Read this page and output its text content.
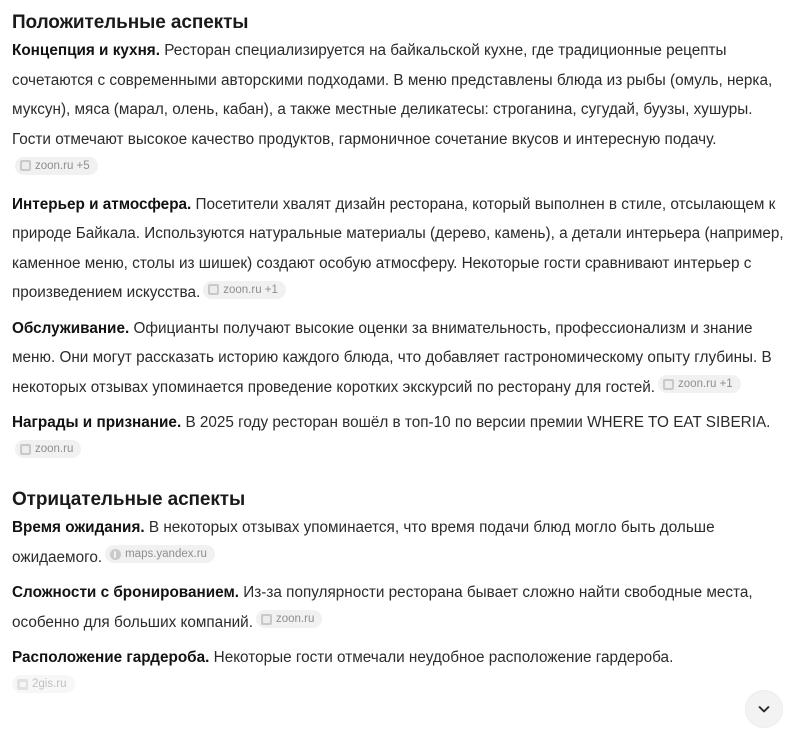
Положительные аспекты

Концепция и кухня. Ресторан специализируется на байкальской кухне, где традиционные рецепты сочетаются с современными авторскими подходами. В меню представлены блюда из рыбы (омуль, нерка, муксун), мяса (марал, олень, кабан), а также местные деликатесы: строганина, сугудай, буузы, хушуры. Гости отмечают высокое качество продуктов, гармоничное сочетание вкусов и интересную подачу.
zoon.ru +5

Интерьер и атмосфера. Посетители хвалят дизайн ресторана, который выполнен в стиле, отсылающем к природе Байкала. Используются натуральные материалы (дерево, камень), а детали интерьера (например, каменное меню, столы из шишек) создают особую атмосферу. Некоторые гости сравнивают интерьер с произведением искусства. zoon.ru +1

Обслуживание. Официанты получают высокие оценки за внимательность, профессионализм и знание меню. Они могут рассказать историю каждого блюда, что добавляет гастрономическому опыту глубины. В некоторых отзывах упоминается проведение коротких экскурсий по ресторану для гостей. zoon.ru +1

Награды и признание. В 2025 году ресторан вошёл в топ-10 по версии премии WHERE TO EAT SIBERIA.
zoon.ru

Отрицательные аспекты

Время ожидания. В некоторых отзывах упоминается, что время подачи блюд могло быть дольше ожидаемого. maps.yandex.ru

Сложности с бронированием. Из-за популярности ресторана бывает сложно найти свободные места, особенно для больших компаний. zoon.ru

Расположение гардероба. Некоторые гости отмечали неудобное расположение гардероба.

2gis.ru
